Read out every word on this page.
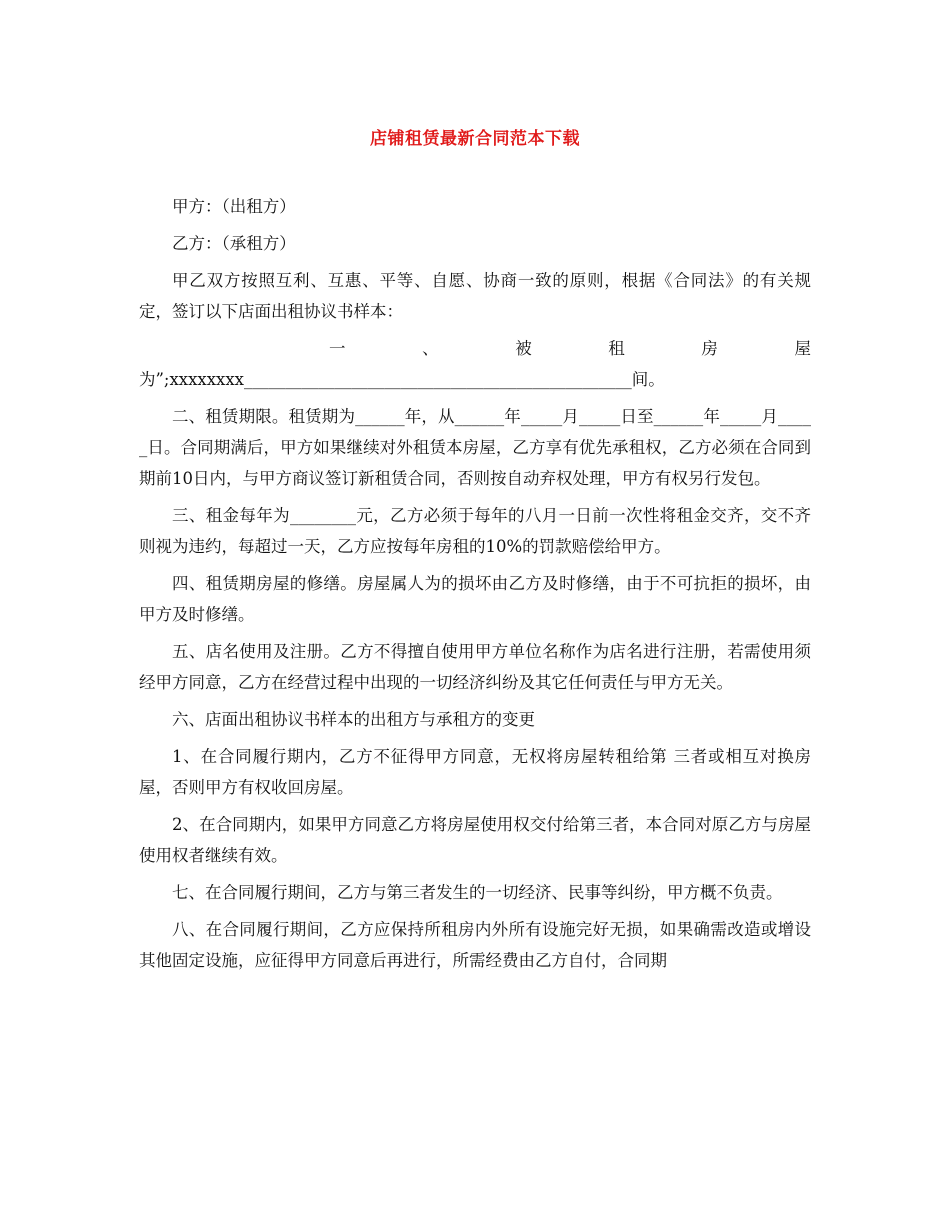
店铺租赁最新合同范本下载

甲方：（出租方）

乙方：（承租方）

甲乙双方按照互利、互惠、平等、自愿、协商一致的原则，根据《合同法》的有关规定，签订以下店面出租协议书样本：

一	、	被	租	房	屋

为”;xxxxxxxx_______________________________________________间。

二、租赁期限。租赁期为______年，从______年_____月_____日至______年_____月_____日。合同期满后，甲方如果继续对外租赁本房屋，乙方享有优先承租权，乙方必须在合同到期前10日内，与甲方商议签订新租赁合同，否则按自动弃权处理，甲方有权另行发包。

三、租金每年为________元，乙方必须于每年的八月一日前一次性将租金交齐，交不齐则视为违约，每超过一天，乙方应按每年房租的10%的罚款赔偿给甲方。

四、租赁期房屋的修缮。房屋属人为的损坏由乙方及时修缮，由于不可抗拒的损坏，由甲方及时修缮。

五、店名使用及注册。乙方不得擅自使用甲方单位名称作为店名进行注册，若需使用须经甲方同意，乙方在经营过程中出现的一切经济纠纷及其它任何责任与甲方无关。

六、店面出租协议书样本的出租方与承租方的变更

1、在合同履行期内，乙方不征得甲方同意，无权将房屋转租给第 三者或相互对换房屋，否则甲方有权收回房屋。

2、在合同期内，如果甲方同意乙方将房屋使用权交付给第三者，本合同对原乙方与房屋使用权者继续有效。

七、在合同履行期间，乙方与第三者发生的一切经济、民事等纠纷，甲方概不负责。

八、在合同履行期间，乙方应保持所租房内外所有设施完好无损，如果确需改造或增设其他固定设施，应征得甲方同意后再进行，所需经费由乙方自付，合同期
